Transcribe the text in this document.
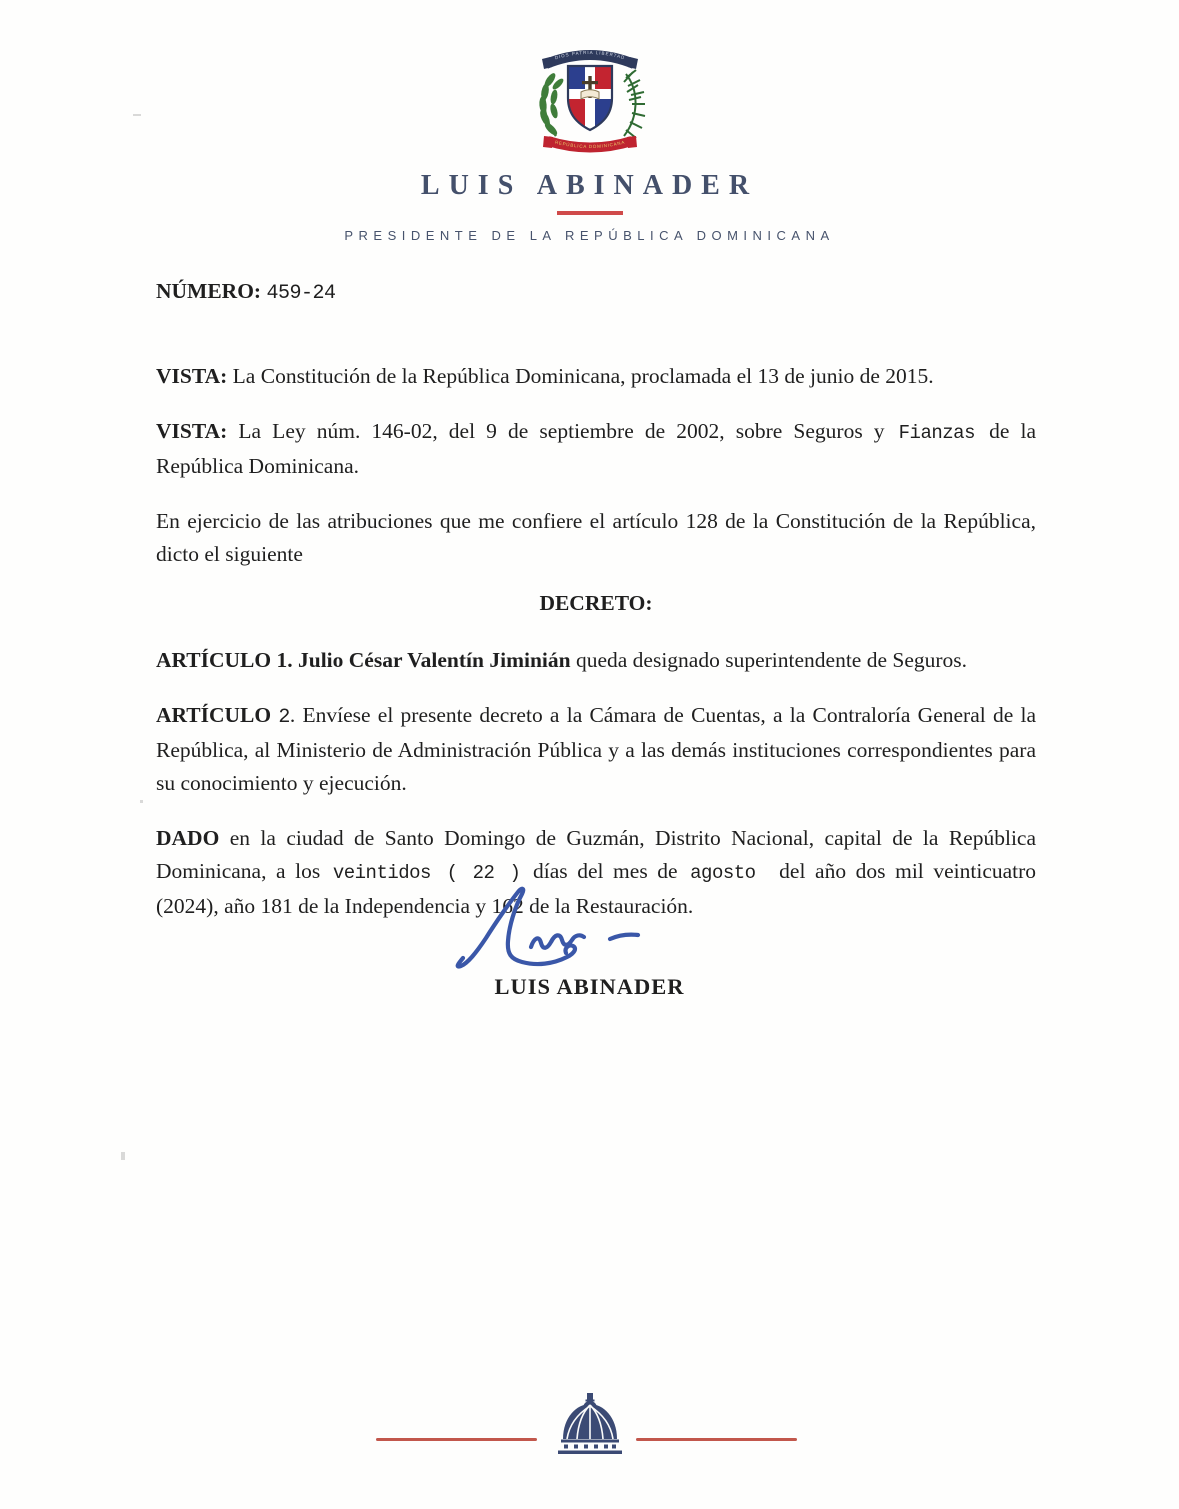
DIOS PATRIA LIBERTAD
REPÚBLICA DOMINICANA
LUIS ABINADER
PRESIDENTE DE LA REPÚBLICA DOMINICANA

NÚMERO: 459-24

VISTA: La Constitución de la República Dominicana, proclamada el 13 de junio de 2015.

VISTA: La Ley núm. 146-02, del 9 de septiembre de 2002, sobre Seguros y Fianzas de la República Dominicana.

En ejercicio de las atribuciones que me confiere el artículo 128 de la Constitución de la República, dicto el siguiente

DECRETO:

ARTÍCULO 1. Julio César Valentín Jiminián queda designado superintendente de Seguros.

ARTÍCULO 2. Envíese el presente decreto a la Cámara de Cuentas, a la Contraloría General de la República, al Ministerio de Administración Pública y a las demás instituciones correspondientes para su conocimiento y ejecución.

DADO en la ciudad de Santo Domingo de Guzmán, Distrito Nacional, capital de la República Dominicana, a los veintidos ( 22 ) días del mes de agosto del año dos mil veinticuatro (2024), año 181 de la Independencia y 162 de la Restauración.

LUIS ABINADER
